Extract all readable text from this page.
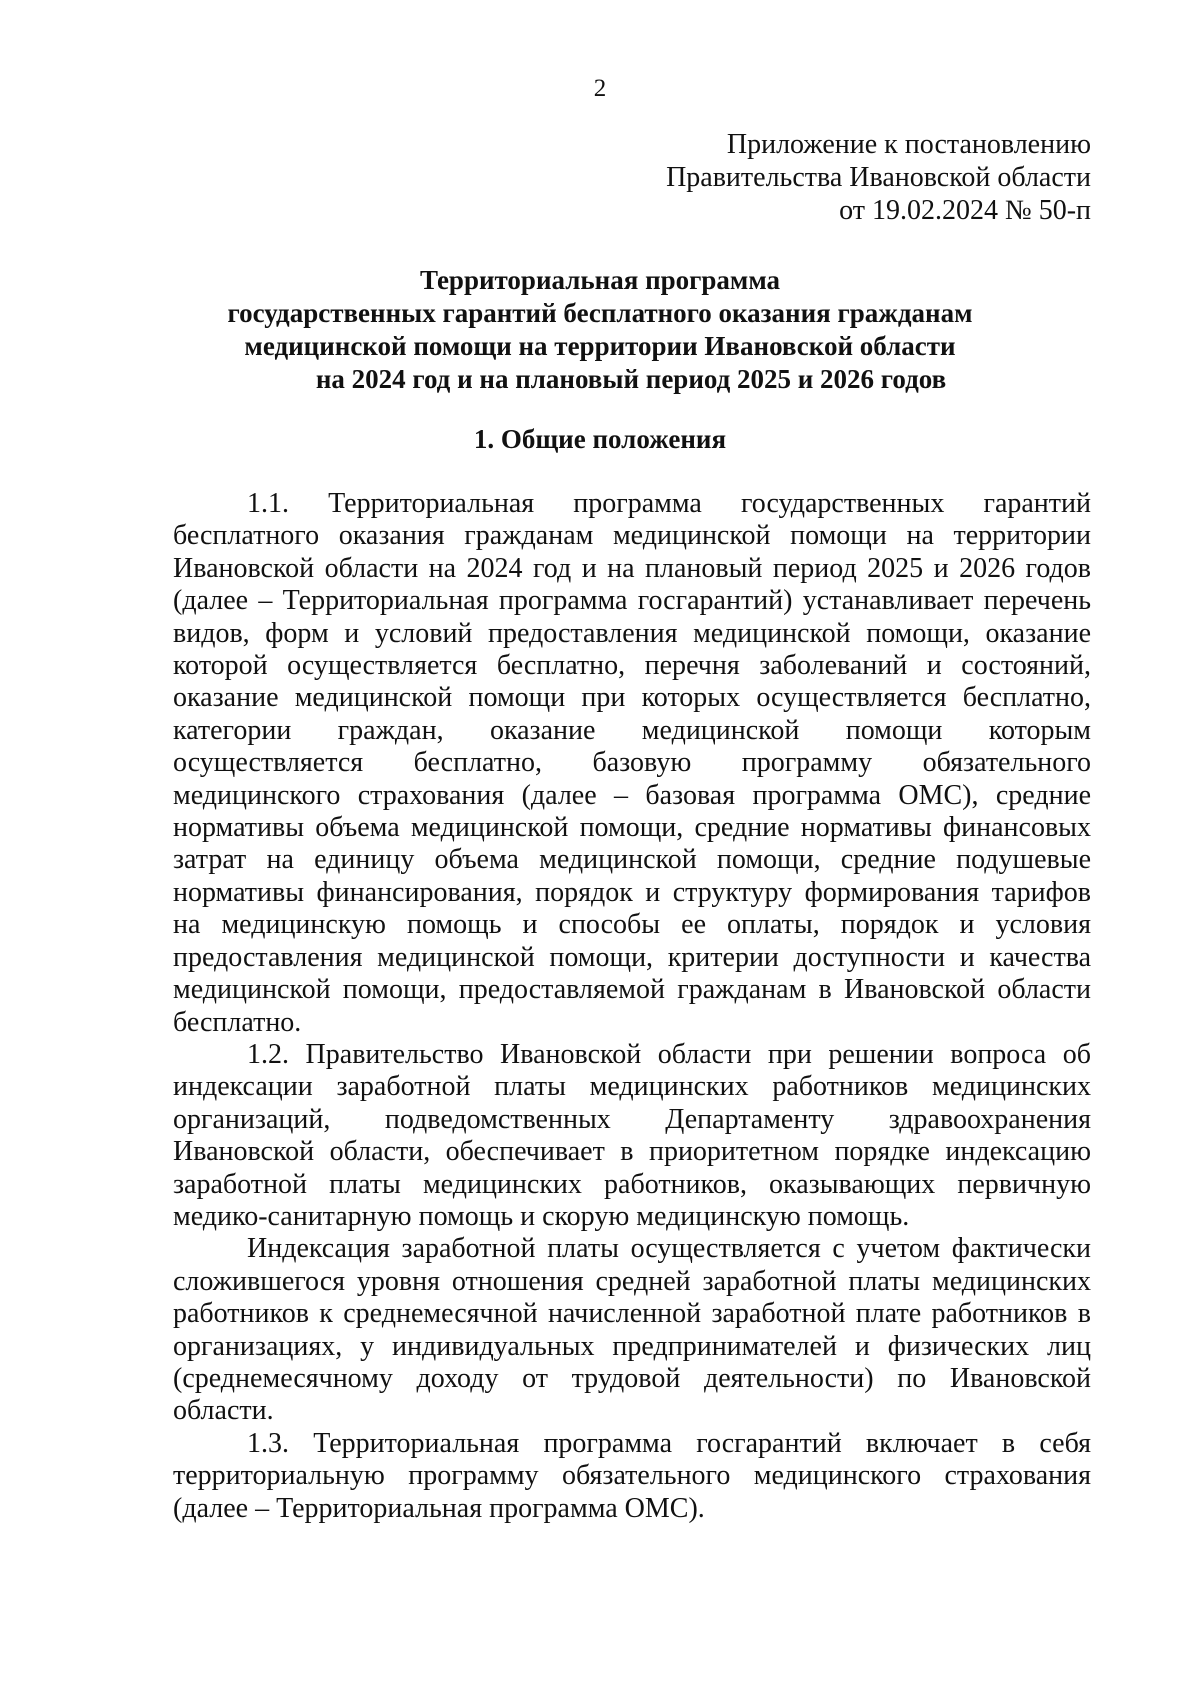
2
Приложение к постановлению
Правительства Ивановской области
от 19.02.2024 № 50-п
Территориальная программа
государственных гарантий бесплатного оказания гражданам
медицинской помощи на территории Ивановской области
на 2024 год и на плановый период 2025 и 2026 годов
1. Общие положения
1.1. Территориальная программа государственных гарантий
бесплатного оказания гражданам медицинской помощи на территории
Ивановской области на 2024 год и на плановый период 2025 и 2026 годов
(далее – Территориальная программа госгарантий) устанавливает перечень
видов, форм и условий предоставления медицинской помощи, оказание
которой осуществляется бесплатно, перечня заболеваний и состояний,
оказание медицинской помощи при которых осуществляется бесплатно,
категории граждан, оказание медицинской помощи которым
осуществляется бесплатно, базовую программу обязательного
медицинского страхования (далее – базовая программа ОМС), средние
нормативы объема медицинской помощи, средние нормативы финансовых
затрат на единицу объема медицинской помощи, средние подушевые
нормативы финансирования, порядок и структуру формирования тарифов
на медицинскую помощь и способы ее оплаты, порядок и условия
предоставления медицинской помощи, критерии доступности и качества
медицинской помощи, предоставляемой гражданам в Ивановской области
бесплатно.
1.2. Правительство Ивановской области при решении вопроса об
индексации заработной платы медицинских работников медицинских
организаций, подведомственных Департаменту здравоохранения
Ивановской области, обеспечивает в приоритетном порядке индексацию
заработной платы медицинских работников, оказывающих первичную
медико-санитарную помощь и скорую медицинскую помощь.
Индексация заработной платы осуществляется с учетом фактически
сложившегося уровня отношения средней заработной платы медицинских
работников к среднемесячной начисленной заработной плате работников в
организациях, у индивидуальных предпринимателей и физических лиц
(среднемесячному доходу от трудовой деятельности) по Ивановской
области.
1.3. Территориальная программа госгарантий включает в себя
территориальную программу обязательного медицинского страхования
(далее – Территориальная программа ОМС).
